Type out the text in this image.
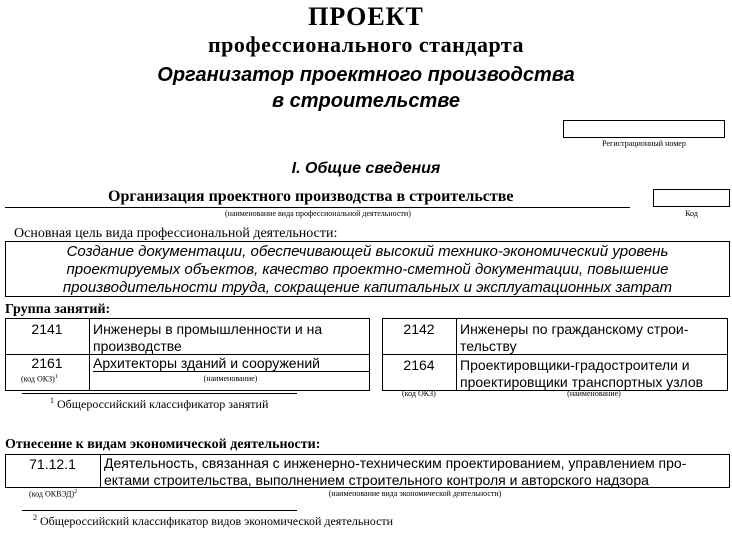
ПРОЕКТ
профессионального стандарта
Организатор проектного производства
в строительстве
Регистрационный номер
I. Общие сведения
Организация проектного производства в строительстве
(наименование вида профессиональной деятельности)	Код
Основная цель вида профессиональной деятельности:
Создание документации, обеспечивающей высокий технико-экономический уровень
проектируемых объектов, качество проектно-сметной документации, повышение
производительности труда, сокращение капитальных и эксплуатационных затрат
Группа занятий:
2141	Инженеры в промышленности и на
производстве
2161	Архитекторы зданий и сооружений
(код ОКЗ)$^1$	(наименование)
2142	Инженеры по гражданскому строи-
тельству
2164	Проектировщики-градостроители и
проектировщики транспортных узлов
(код ОКЗ)	(наименование)
$^1$ Общероссийский классификатор занятий
Отнесение к видам экономической деятельности:
71.12.1	Деятельность, связанная с инженерно-техническим проектированием, управлением про-
ектами строительства, выполнением строительного контроля и авторского надзора
(код ОКВЭД)$^2$	(наименование вида экономической деятельности)
$^2$ Общероссийский классификатор видов экономической деятельности
